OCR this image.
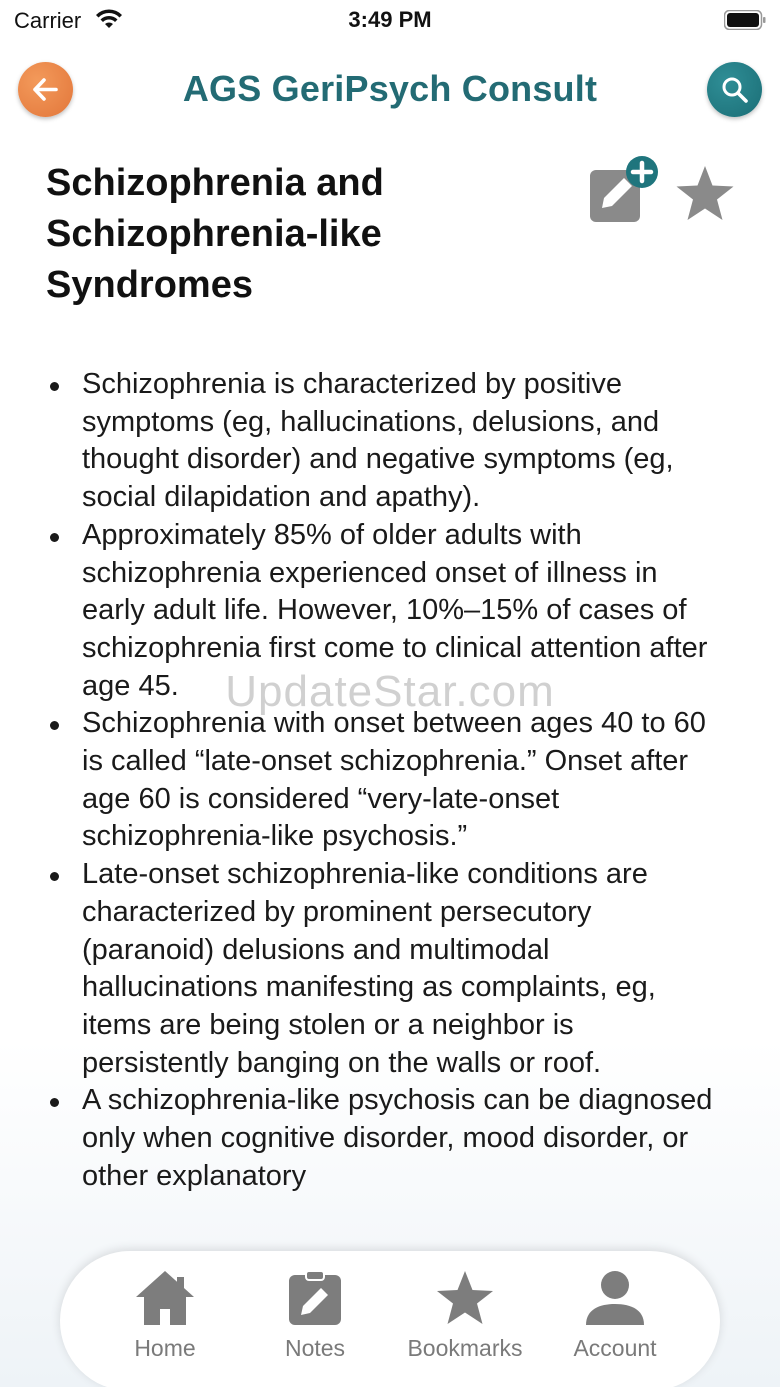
Carrier	3:49 PM
AGS GeriPsych Consult
Schizophrenia and Schizophrenia-like Syndromes
Schizophrenia is characterized by positive symptoms (eg, hallucinations, delusions, and thought disorder) and negative symptoms (eg, social dilapidation and apathy).
Approximately 85% of older adults with schizophrenia experienced onset of illness in early adult life. However, 10%–15% of cases of schizophrenia first come to clinical attention after age 45.
Schizophrenia with onset between ages 40 to 60 is called “late-onset schizophrenia.” Onset after age 60 is considered “very-late-onset schizophrenia-like psychosis.”
Late-onset schizophrenia-like conditions are characterized by prominent persecutory (paranoid) delusions and multimodal hallucinations manifesting as complaints, eg, items are being stolen or a neighbor is persistently banging on the walls or roof.
A schizophrenia-like psychosis can be diagnosed only when cognitive disorder, mood disorder, or other explanatory
UpdateStar.com
Home	Notes	Bookmarks	Account
